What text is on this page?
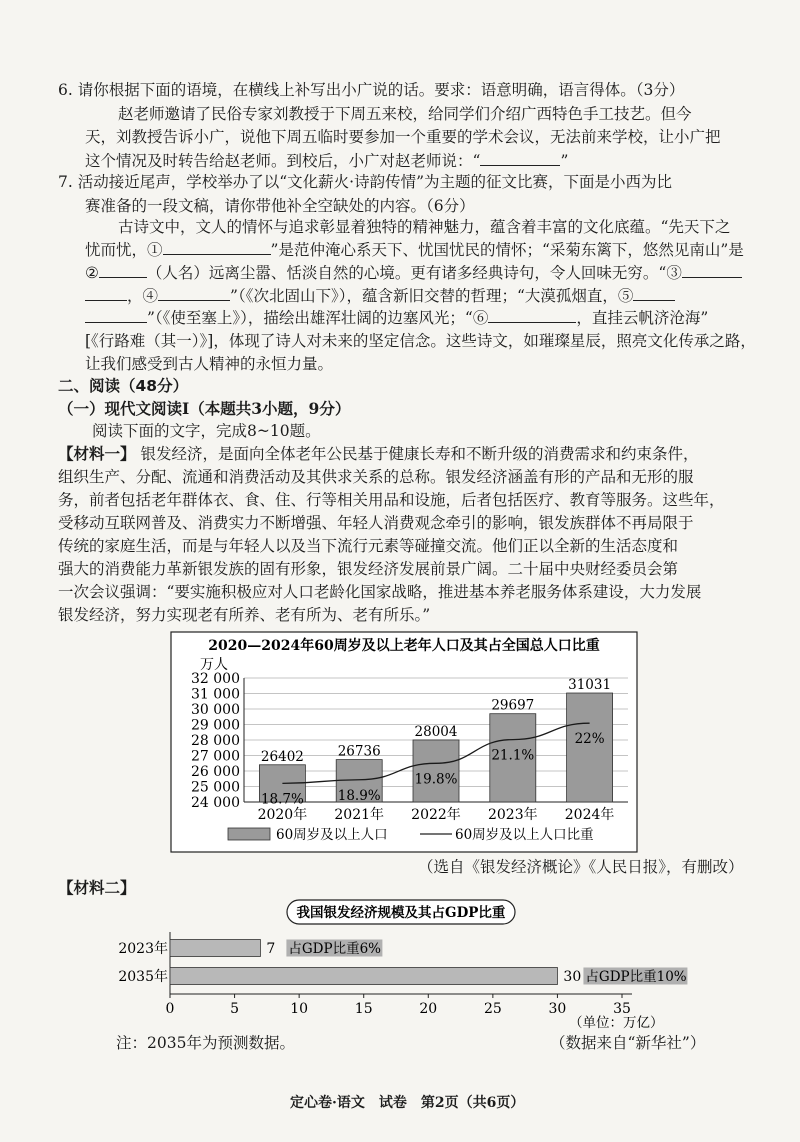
6. 请你根据下面的语境，在横线上补写出小广说的话。要求：语意明确，语言得体。（3分）
赵老师邀请了民俗专家刘教授于下周五来校，给同学们介绍广西特色手工技艺。但今
天，刘教授告诉小广，说他下周五临时要参加一个重要的学术会议，无法前来学校，让小广把
这个情况及时转告给赵老师。到校后，小广对赵老师说：“	”
7. 活动接近尾声，学校举办了以“文化薪火·诗韵传情”为主题的征文比赛，下面是小西为比
赛准备的一段文稿，请你带他补全空缺处的内容。（6分）
古诗文中，文人的情怀与追求彰显着独特的精神魅力，蕴含着丰富的文化底蕴。“先天下之
忧而忧，①	”是范仲淹心系天下、忧国忧民的情怀；“采菊东篱下，悠然见南山”是
②	（人名）远离尘嚣、恬淡自然的心境。更有诸多经典诗句，令人回味无穷。“③
，④	”（《次北固山下》），蕴含新旧交替的哲理；“大漠孤烟直，⑤
”（《使至塞上》），描绘出雄浑壮阔的边塞风光；“⑥	，直挂云帆济沧海”
[《行路难（其一）》]，体现了诗人对未来的坚定信念。这些诗文，如璀璨星辰，照亮文化传承之路，
让我们感受到古人精神的永恒力量。
二、阅读（48分）
（一）现代文阅读Ⅰ（本题共3小题，9分）
阅读下面的文字，完成8~10题。
【材料一】 银发经济，是面向全体老年公民基于健康长寿和不断升级的消费需求和约束条件，
组织生产、分配、流通和消费活动及其供求关系的总称。银发经济涵盖有形的产品和无形的服
务，前者包括老年群体衣、食、住、行等相关用品和设施，后者包括医疗、教育等服务。这些年，
受移动互联网普及、消费实力不断增强、年轻人消费观念牵引的影响，银发族群体不再局限于
传统的家庭生活，而是与年轻人以及当下流行元素等碰撞交流。他们正以全新的生活态度和
强大的消费能力革新银发族的固有形象，银发经济发展前景广阔。二十届中央财经委员会第
一次会议强调：“要实施积极应对人口老龄化国家战略，推进基本养老服务体系建设，大力发展
银发经济，努力实现老有所养、老有所为、老有所乐。”
2020—2024年60周岁及以上老年人口及其占全国总人口比重
万人
24 000
25 000
26 000
27 000
28 000
29 000
30 000
31 000
32 000
26402
2020年
26736
2021年
28004
2022年
29697
2023年
31031
2024年
18.7%	18.9%
19.8%
21.1%
22%
60周岁及以上人口	60周岁及以上人口比重
（选自《银发经济概论》《人民日报》，有删改）
【材料二】
我国银发经济规模及其占GDP比重
0	5	10	15	20	25	30	35
2023年	7 占GDP比重6%
2035年	30 占GDP比重10%
（单位：万亿）
注：2035年为预测数据。	（数据来自“新华社”）
定心卷·语文　试卷　第2页（共6页）
